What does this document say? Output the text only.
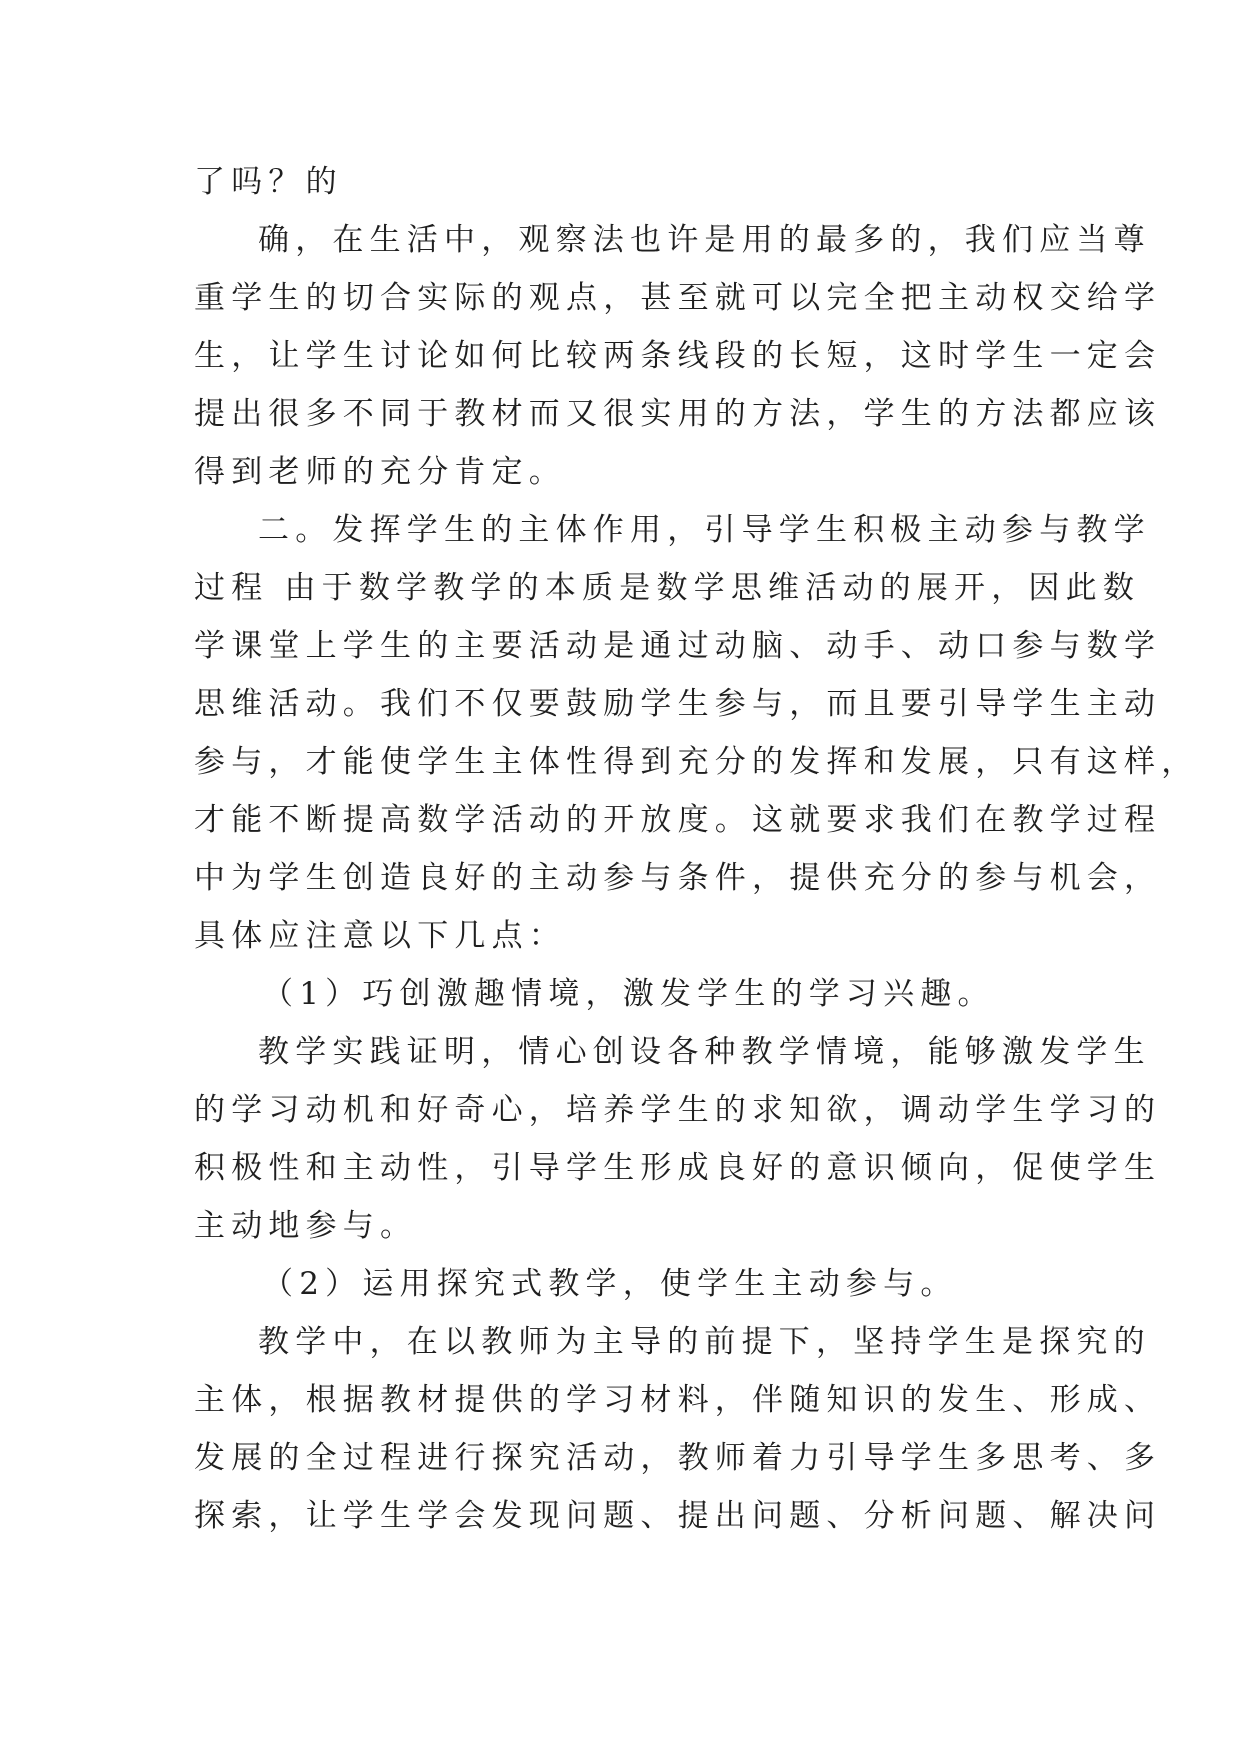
了吗？的
确，在生活中，观察法也许是用的最多的，我们应当尊
重学生的切合实际的观点，甚至就可以完全把主动权交给学
生，让学生讨论如何比较两条线段的长短，这时学生一定会
提出很多不同于教材而又很实用的方法，学生的方法都应该
得到老师的充分肯定。
二。发挥学生的主体作用，引导学生积极主动参与教学
过程 由于数学教学的本质是数学思维活动的展开，因此数
学课堂上学生的主要活动是通过动脑、动手、动口参与数学
思维活动。我们不仅要鼓励学生参与，而且要引导学生主动
参与，才能使学生主体性得到充分的发挥和发展，只有这样，
才能不断提高数学活动的开放度。这就要求我们在教学过程
中为学生创造良好的主动参与条件，提供充分的参与机会，
具体应注意以下几点：
（1）巧创激趣情境，激发学生的学习兴趣。
教学实践证明，情心创设各种教学情境，能够激发学生
的学习动机和好奇心，培养学生的求知欲，调动学生学习的
积极性和主动性，引导学生形成良好的意识倾向，促使学生
主动地参与。
（2）运用探究式教学，使学生主动参与。
教学中，在以教师为主导的前提下，坚持学生是探究的
主体，根据教材提供的学习材料，伴随知识的发生、形成、
发展的全过程进行探究活动，教师着力引导学生多思考、多
探索，让学生学会发现问题、提出问题、分析问题、解决问
